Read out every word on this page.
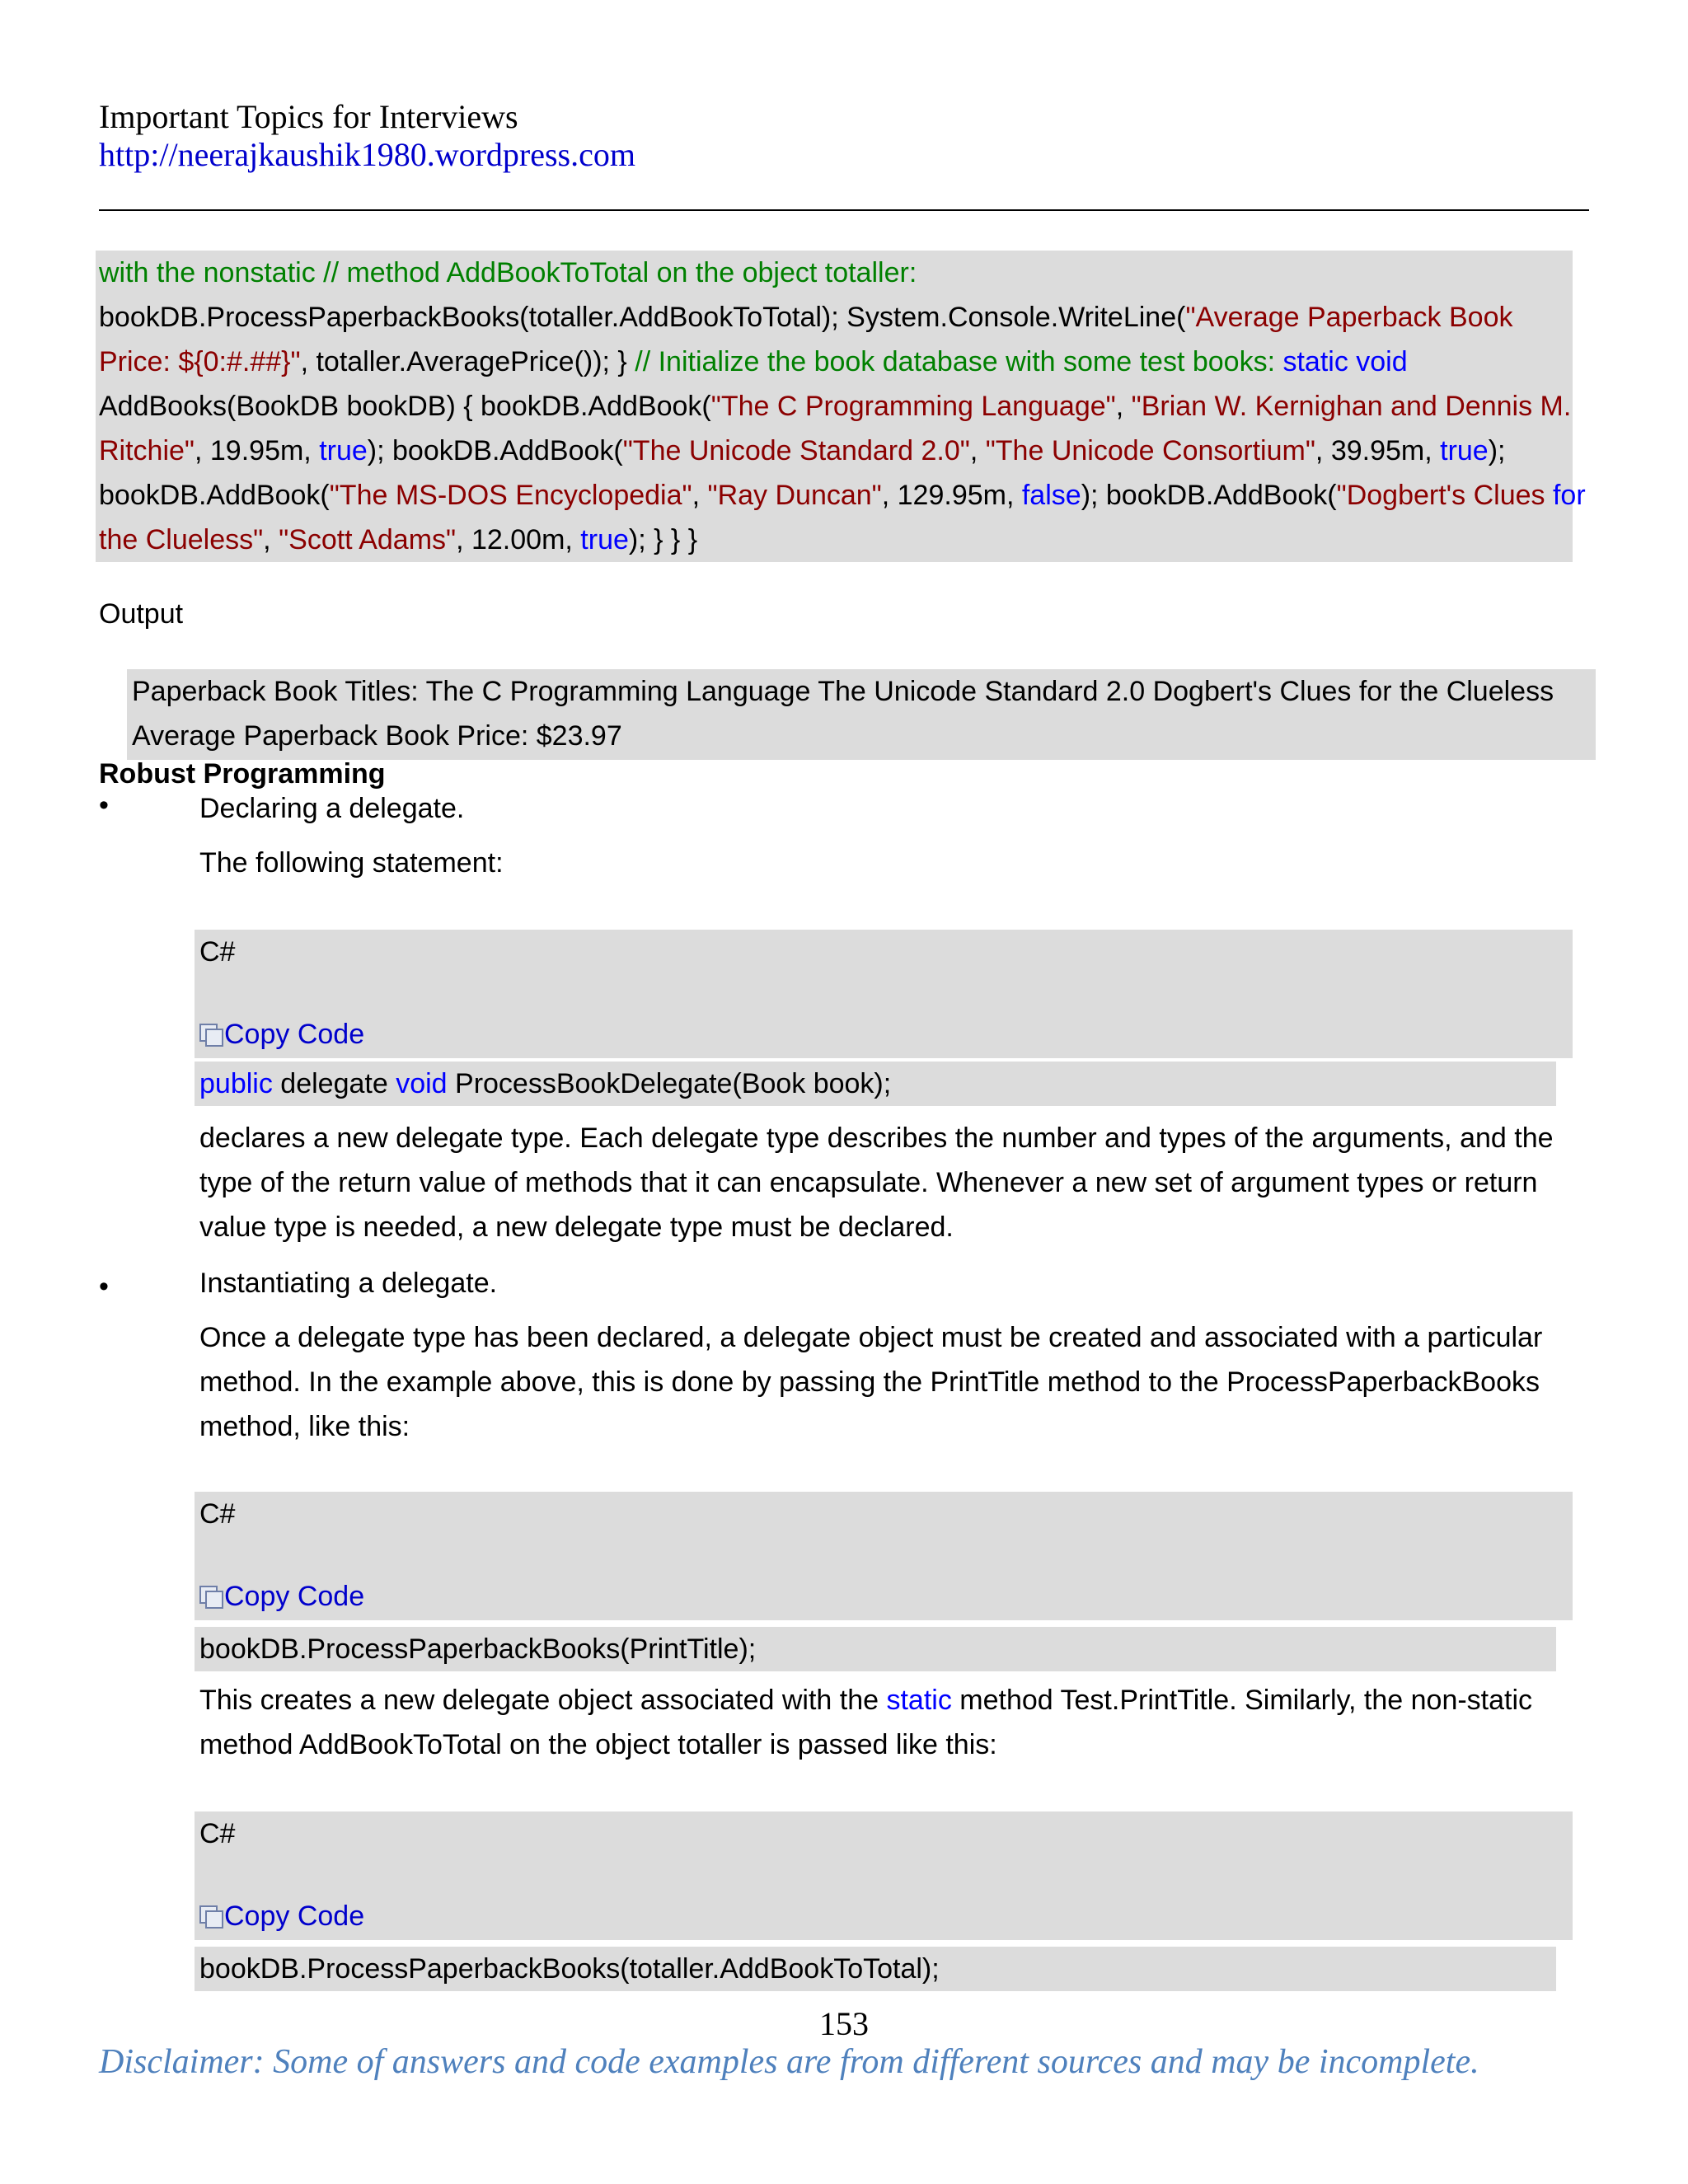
Important Topics for Interviews
http://neerajkaushik1980.wordpress.com
with the nonstatic // method AddBookToTotal on the object totaller:
bookDB.ProcessPaperbackBooks(totaller.AddBookToTotal); System.Console.WriteLine("Average Paperback Book
Price: ${0:#.##}", totaller.AveragePrice()); } // Initialize the book database with some test books: static void
AddBooks(BookDB bookDB) { bookDB.AddBook("The C Programming Language", "Brian W. Kernighan and Dennis M.
Ritchie", 19.95m, true); bookDB.AddBook("The Unicode Standard 2.0", "The Unicode Consortium", 39.95m, true);
bookDB.AddBook("The MS-DOS Encyclopedia", "Ray Duncan", 129.95m, false); bookDB.AddBook("Dogbert's Clues for
the Clueless", "Scott Adams", 12.00m, true); } } }
Output
Paperback Book Titles: The C Programming Language The Unicode Standard 2.0 Dogbert's Clues for the Clueless
Average Paperback Book Price: $23.97
Robust Programming
•	Declaring a delegate.
The following statement:
C#
Copy Code
public delegate void ProcessBookDelegate(Book book);
declares a new delegate type. Each delegate type describes the number and types of the arguments, and the
type of the return value of methods that it can encapsulate. Whenever a new set of argument types or return
value type is needed, a new delegate type must be declared.
•	Instantiating a delegate.
Once a delegate type has been declared, a delegate object must be created and associated with a particular
method. In the example above, this is done by passing the PrintTitle method to the ProcessPaperbackBooks
method, like this:
C#
Copy Code
bookDB.ProcessPaperbackBooks(PrintTitle);
This creates a new delegate object associated with the static method Test.PrintTitle. Similarly, the non-static
method AddBookToTotal on the object totaller is passed like this:
C#
Copy Code
bookDB.ProcessPaperbackBooks(totaller.AddBookToTotal);
153
Disclaimer: Some of answers and code examples are from different sources and may be incomplete.
